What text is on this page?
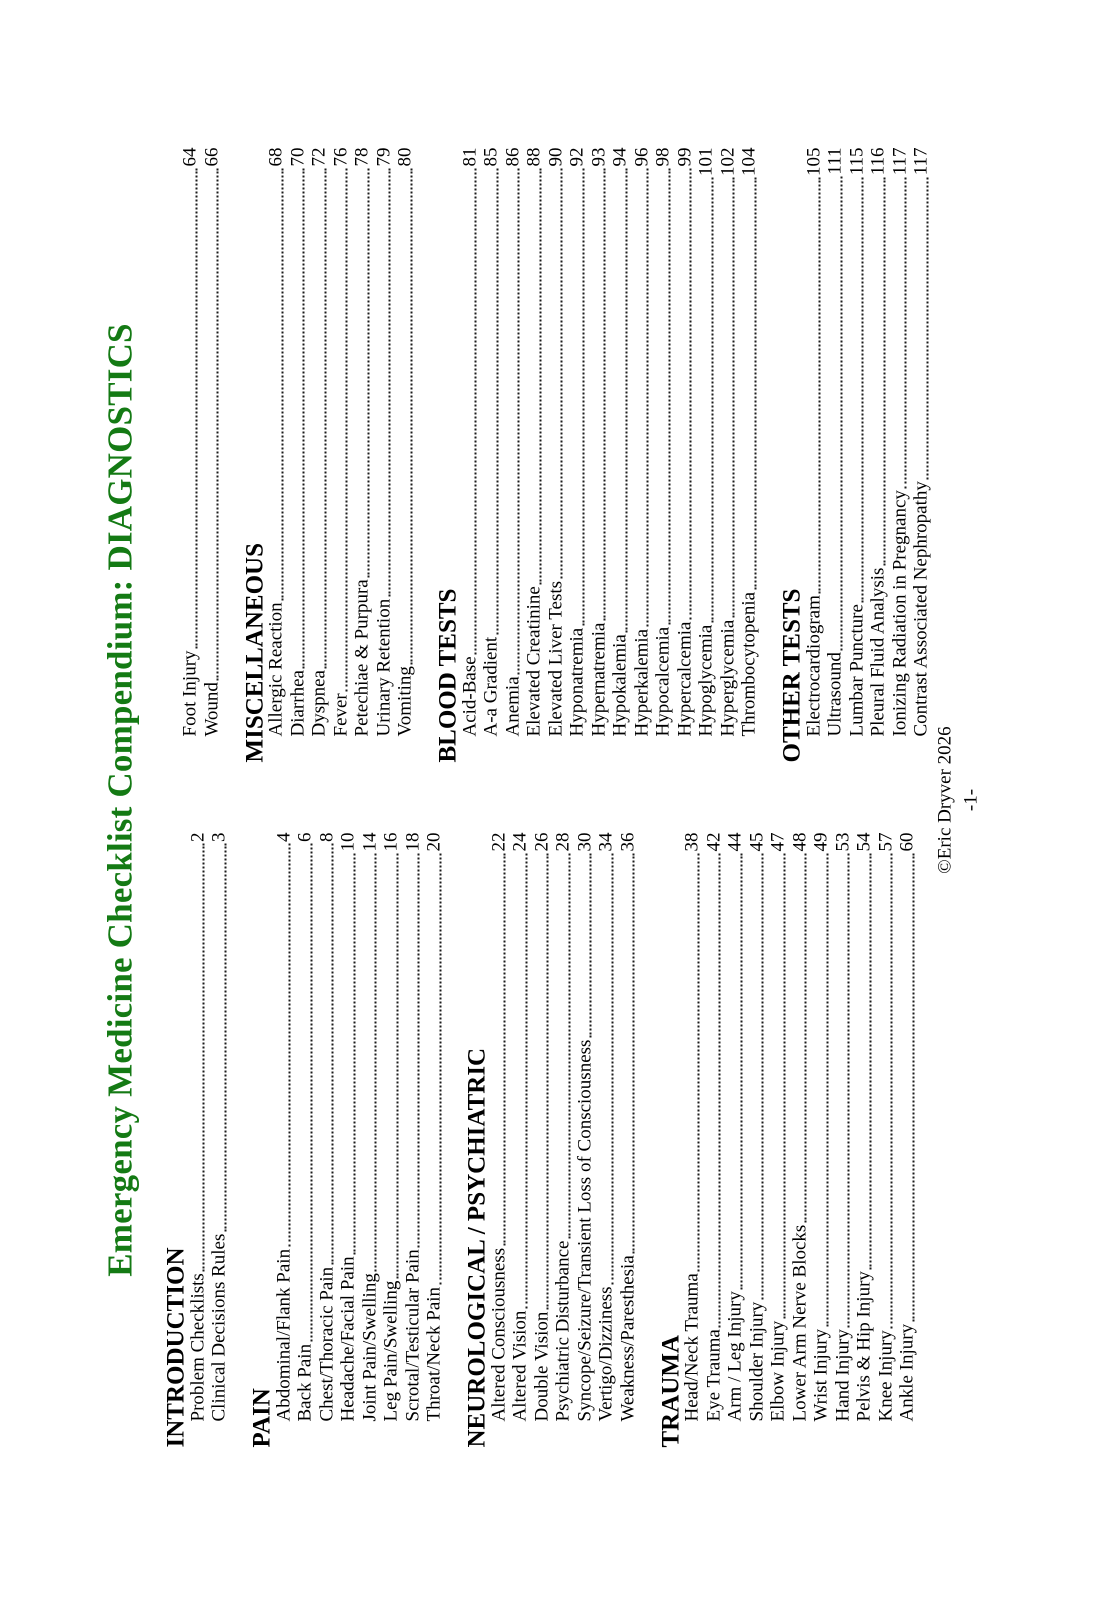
Emergency Medicine Checklist Compendium: DIAGNOSTICS
INTRODUCTION
Problem Checklists
2
Clinical Decisions Rules
3
PAIN
Abdominal/Flank Pain
4
Back Pain
6
Chest/Thoracic Pain
8
Headache/Facial Pain
10
Joint Pain/Swelling
14
Leg Pain/Swelling
16
Scrotal/Testicular Pain
18
Throat/Neck Pain
20
NEUROLOGICAL / PSYCHIATRIC
Altered Consciousness
22
Altered Vision
24
Double Vision
26
Psychiatric Disturbance
28
Syncope/Seizure/Transient Loss of Consciousness
30
Vertigo/Dizziness
34
Weakness/Paresthesia
36
TRAUMA
Head/Neck Trauma
38
Eye Trauma
42
Arm / Leg Injury
44
Shoulder Injury
45
Elbow Injury
47
Lower Arm Nerve Blocks
48
Wrist Injury
49
Hand Injury
53
Pelvis & Hip Injury
54
Knee Injury
57
Ankle Injury
60
Foot Injury
64
Wound
66
MISCELLANEOUS
Allergic Reaction
68
Diarrhea
70
Dyspnea
72
Fever
76
Petechiae & Purpura
78
Urinary Retention
79
Vomiting
80
BLOOD TESTS
Acid-Base
81
A-a Gradient
85
Anemia
86
Elevated Creatinine
88
Elevated Liver Tests
90
Hyponatremia
92
Hypernatremia
93
Hypokalemia
94
Hyperkalemia
96
Hypocalcemia
98
Hypercalcemia
99
Hypoglycemia
101
Hyperglycemia
102
Thrombocytopenia
104
OTHER TESTS
Electrocardiogram
105
Ultrasound
111
Lumbar Puncture
115
Pleural Fluid Analysis
116
Ionizing Radiation in Pregnancy
117
Contrast Associated Nephropathy
117
©Eric Dryver 2026 -1-
